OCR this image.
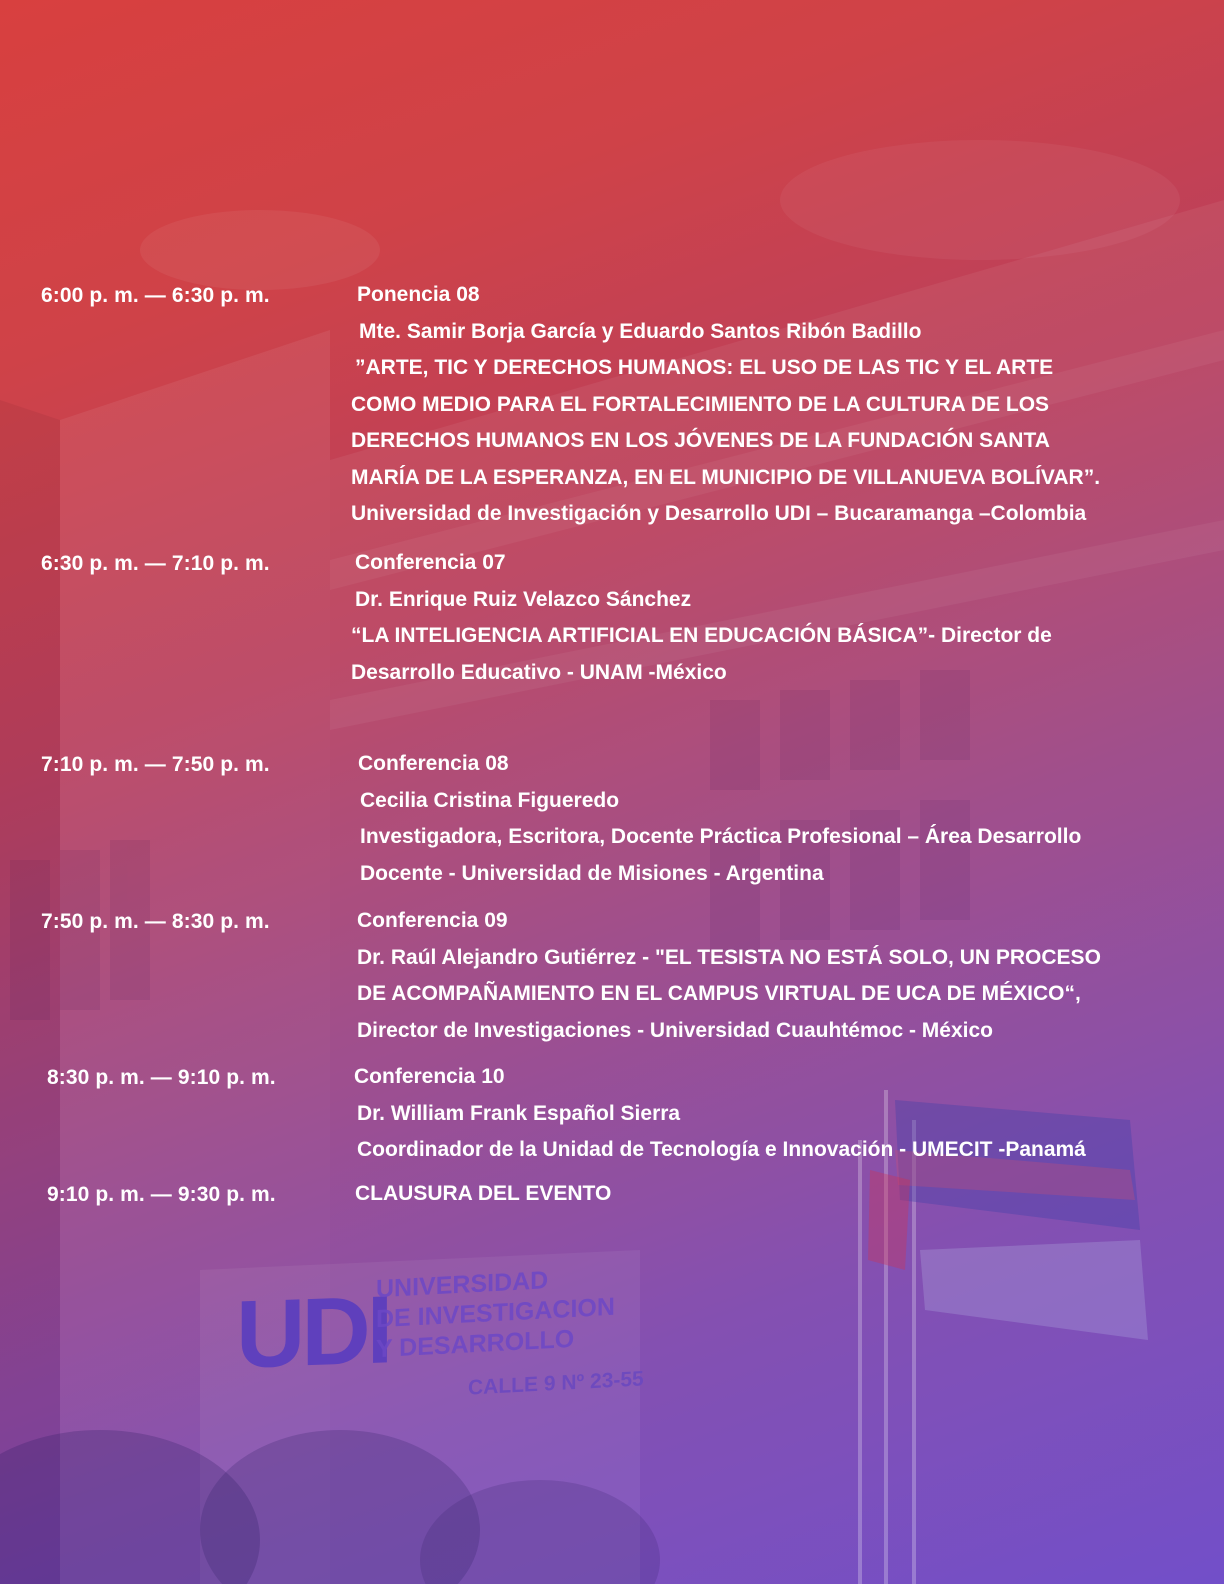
UDI
UNIVERSIDAD
DE INVESTIGACION
Y DESARROLLO
CALLE 9 Nº 23-55
6:00 p. m. — 6:30 p. m.	Ponencia 08
Mte. Samir Borja García y Eduardo Santos Ribón Badillo
”ARTE, TIC Y DERECHOS HUMANOS: EL USO DE LAS TIC Y EL ARTE
COMO MEDIO PARA EL FORTALECIMIENTO DE LA CULTURA DE LOS
DERECHOS HUMANOS EN LOS JÓVENES DE LA FUNDACIÓN SANTA
MARÍA DE LA ESPERANZA, EN EL MUNICIPIO DE VILLANUEVA BOLÍVAR”.
Universidad de Investigación y Desarrollo UDI – Bucaramanga –Colombia
6:30 p. m. — 7:10 p. m.	Conferencia 07
Dr. Enrique Ruiz Velazco Sánchez
“LA INTELIGENCIA ARTIFICIAL EN EDUCACIÓN BÁSICA”- Director de
Desarrollo Educativo - UNAM -México
7:10 p. m. — 7:50 p. m.	Conferencia 08
Cecilia Cristina Figueredo
Investigadora, Escritora, Docente Práctica Profesional – Área Desarrollo
Docente - Universidad de Misiones - Argentina
7:50 p. m. — 8:30 p. m.	Conferencia 09
Dr. Raúl Alejandro Gutiérrez - "EL TESISTA NO ESTÁ SOLO, UN PROCESO
DE ACOMPAÑAMIENTO EN EL CAMPUS VIRTUAL DE UCA DE MÉXICO“,
Director de Investigaciones - Universidad Cuauhtémoc - México
8:30 p. m. — 9:10 p. m.	Conferencia 10
Dr. William Frank Español Sierra
Coordinador de la Unidad de Tecnología e Innovación - UMECIT -Panamá
9:10 p. m. — 9:30 p. m.	CLAUSURA DEL EVENTO
